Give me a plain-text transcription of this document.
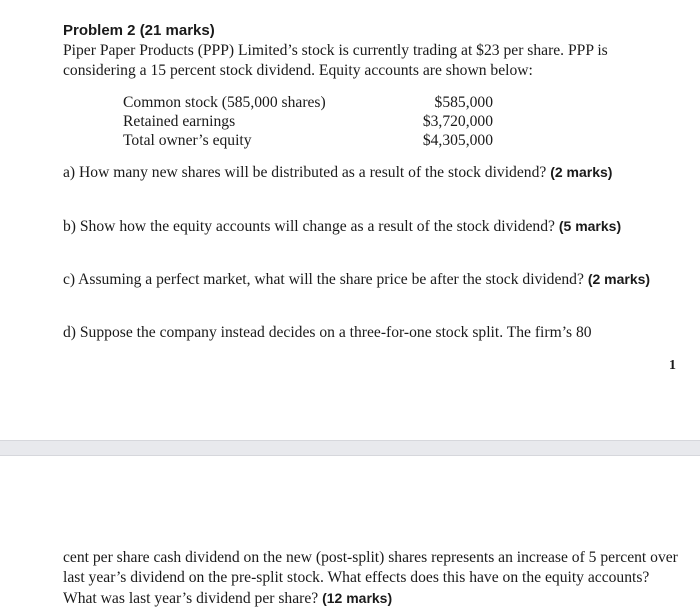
Problem 2 (21 marks)

Piper Paper Products (PPP) Limited’s stock is currently trading at $23 per share. PPP is considering a 15 percent stock dividend. Equity accounts are shown below:

Common stock (585,000 shares)	$585,000
Retained earnings	$3,720,000
Total owner’s equity	$4,305,000

a) How many new shares will be distributed as a result of the stock dividend? (2 marks)

b) Show how the equity accounts will change as a result of the stock dividend? (5 marks)

c) Assuming a perfect market, what will the share price be after the stock dividend? (2 marks)

d) Suppose the company instead decides on a three-for-one stock split. The firm’s 80

1

cent per share cash dividend on the new (post-split) shares represents an increase of 5 percent over last year’s dividend on the pre-split stock. What effects does this have on the equity accounts? What was last year’s dividend per share? (12 marks)
